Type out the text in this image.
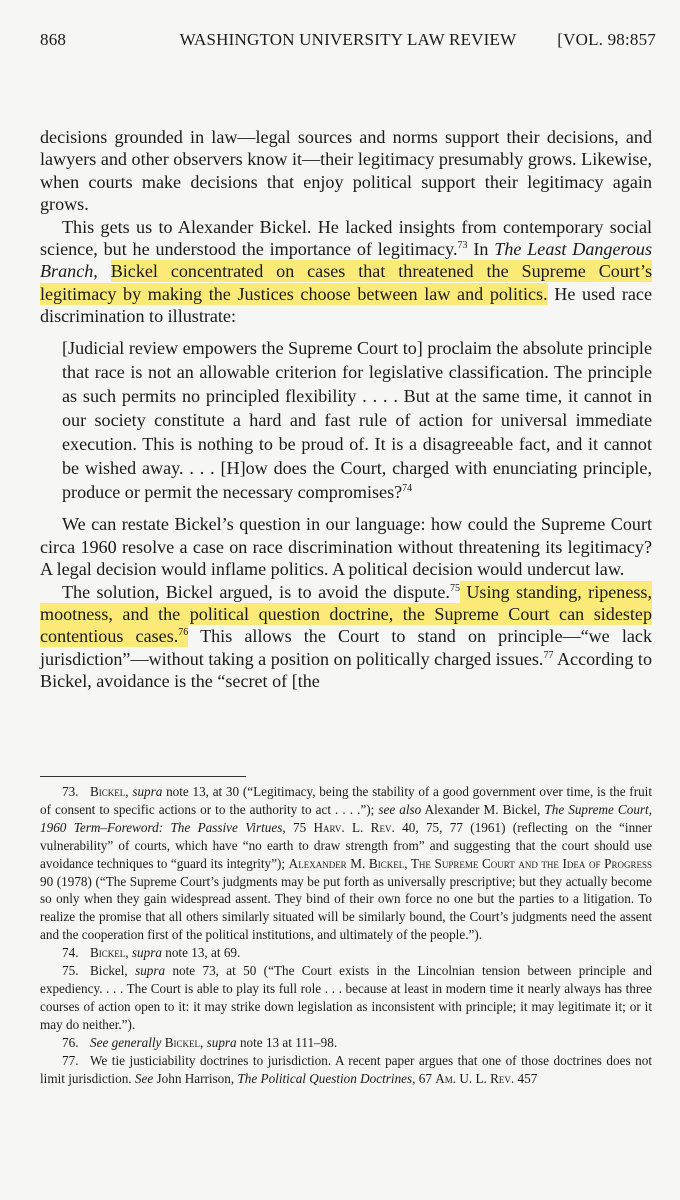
868	WASHINGTON UNIVERSITY LAW REVIEW	[VOL. 98:857

decisions grounded in law—legal sources and norms support their decisions, and lawyers and other observers know it—their legitimacy presumably grows. Likewise, when courts make decisions that enjoy political support their legitimacy again grows.

This gets us to Alexander Bickel. He lacked insights from contemporary social science, but he understood the importance of legitimacy.$^{73}$ In The Least Dangerous Branch, Bickel concentrated on cases that threatened the Supreme Court’s legitimacy by making the Justices choose between law and politics. He used race discrimination to illustrate:

[Judicial review empowers the Supreme Court to] proclaim the absolute principle that race is not an allowable criterion for legislative classification. The principle as such permits no principled flexibility . . . . But at the same time, it cannot in our society constitute a hard and fast rule of action for universal immediate execution. This is nothing to be proud of. It is a disagreeable fact, and it cannot be wished away. . . . [H]ow does the Court, charged with enunciating principle, produce or permit the necessary compromises?$^{74}$

We can restate Bickel’s question in our language: how could the Supreme Court circa 1960 resolve a case on race discrimination without threatening its legitimacy? A legal decision would inflame politics. A political decision would undercut law.

The solution, Bickel argued, is to avoid the dispute.$^{75}$ Using standing, ripeness, mootness, and the political question doctrine, the Supreme Court can sidestep contentious cases.$^{76}$ This allows the Court to stand on principle—“we lack jurisdiction”—without taking a position on politically charged issues.$^{77}$ According to Bickel, avoidance is the “secret of [the

73. Bickel, supra note 13, at 30 (“Legitimacy, being the stability of a good government over time, is the fruit of consent to specific actions or to the authority to act . . . .”); see also Alexander M. Bickel, The Supreme Court, 1960 Term–Foreword: The Passive Virtues, 75 Harv. L. Rev. 40, 75, 77 (1961) (reflecting on the “inner vulnerability” of courts, which have “no earth to draw strength from” and suggesting that the court should use avoidance techniques to “guard its integrity”); Alexander M. Bickel, The Supreme Court and the Idea of Progress 90 (1978) (“The Supreme Court’s judgments may be put forth as universally prescriptive; but they actually become so only when they gain widespread assent. They bind of their own force no one but the parties to a litigation. To realize the promise that all others similarly situated will be similarly bound, the Court’s judgments need the assent and the cooperation first of the political institutions, and ultimately of the people.”).

74. Bickel, supra note 13, at 69.

75. Bickel, supra note 73, at 50 (“The Court exists in the Lincolnian tension between principle and expediency. . . . The Court is able to play its full role . . . because at least in modern time it nearly always has three courses of action open to it: it may strike down legislation as inconsistent with principle; it may legitimate it; or it may do neither.”).

76. See generally Bickel, supra note 13 at 111–98.

77. We tie justiciability doctrines to jurisdiction. A recent paper argues that one of those doctrines does not limit jurisdiction. See John Harrison, The Political Question Doctrines, 67 Am. U. L. Rev. 457
